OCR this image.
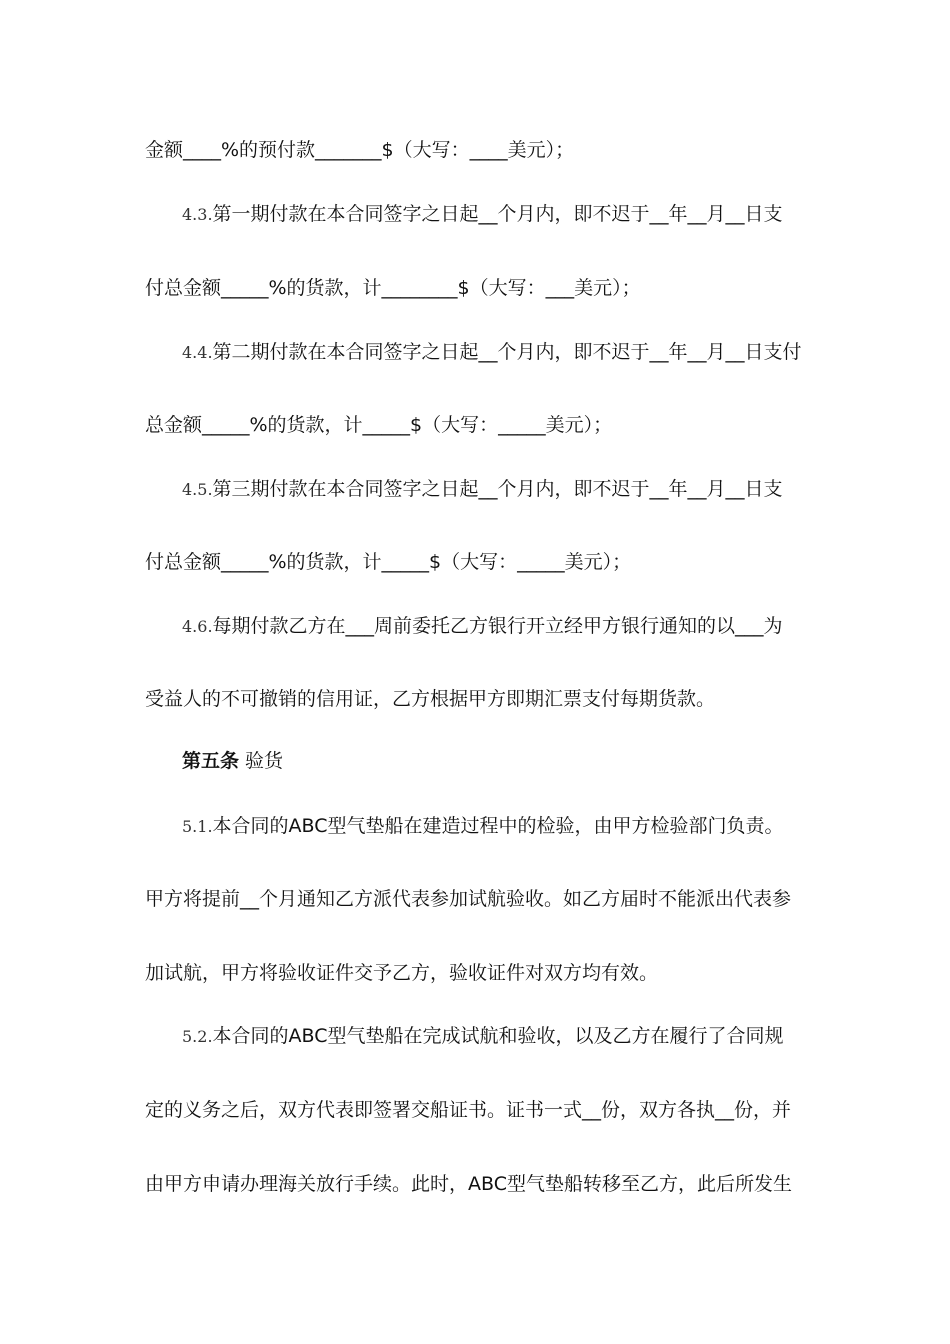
金额____%的预付款_______$（大写：____美元）；
4.3.第一期付款在本合同签字之日起__个月内，即不迟于__年__月__日支
付总金额_____%的货款，计________$（大写：___美元）；
4.4.第二期付款在本合同签字之日起__个月内，即不迟于__年__月__日支付
总金额_____%的货款，计_____$（大写：_____美元）；
4.5.第三期付款在本合同签字之日起__个月内，即不迟于__年__月__日支
付总金额_____%的货款，计_____$（大写：_____美元）；
4.6.每期付款乙方在___周前委托乙方银行开立经甲方银行通知的以___为
受益人的不可撤销的信用证，乙方根据甲方即期汇票支付每期货款。
第五条 验货
5.1.本合同的ABC型气垫船在建造过程中的检验，由甲方检验部门负责。
甲方将提前__个月通知乙方派代表参加试航验收。如乙方届时不能派出代表参
加试航，甲方将验收证件交予乙方，验收证件对双方均有效。
5.2.本合同的ABC型气垫船在完成试航和验收，以及乙方在履行了合同规
定的义务之后，双方代表即签署交船证书。证书一式__份，双方各执__份，并
由甲方申请办理海关放行手续。此时，ABC型气垫船转移至乙方，此后所发生
